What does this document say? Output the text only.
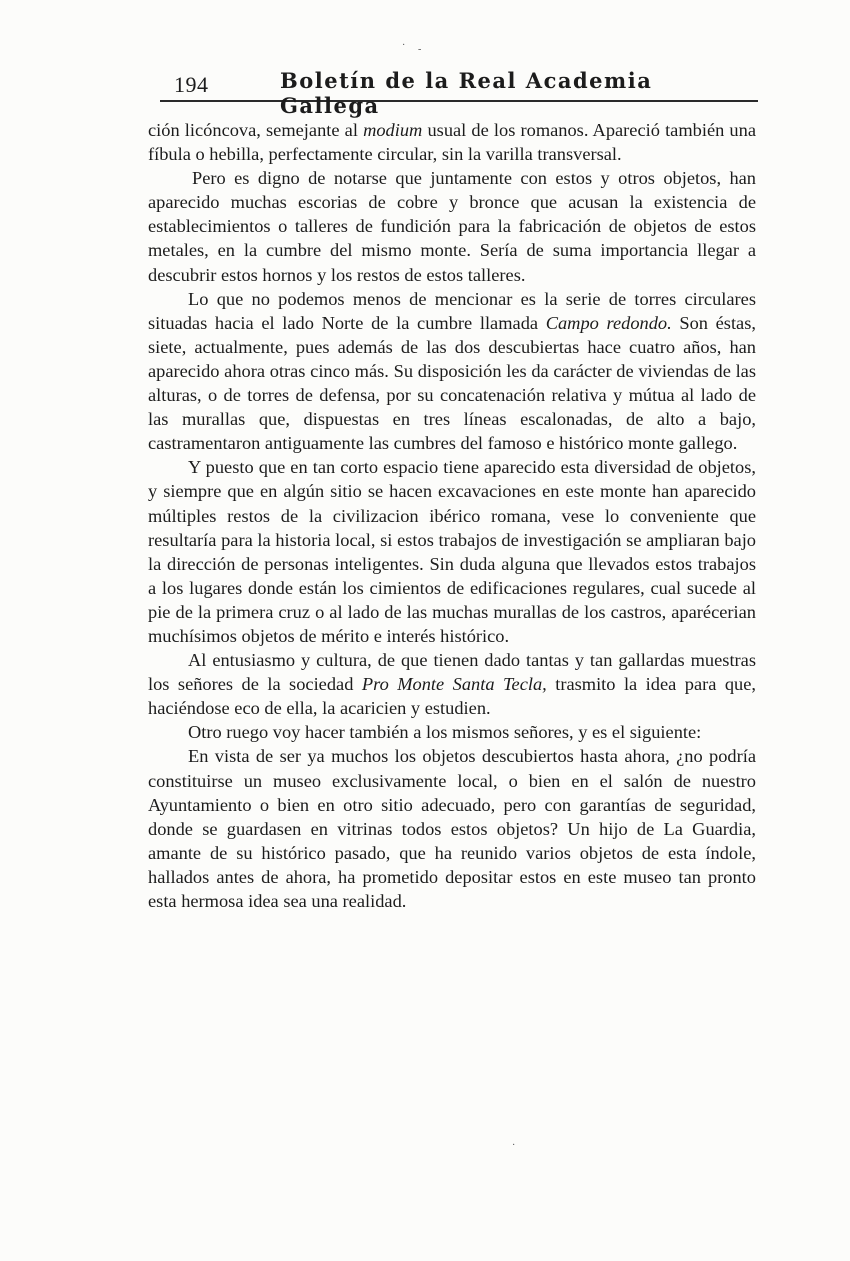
· -
·
194	Boletín de la Real Academia Gallega

ción licóncova, semejante al modium usual de los romanos. Apareció también una fíbula o hebilla, perfectamente circular, sin la varilla transversal.

Pero es digno de notarse que juntamente con estos y otros objetos, han aparecido muchas escorias de cobre y bronce que acusan la existencia de establecimientos o talleres de fundición para la fabricación de objetos de estos metales, en la cumbre del mismo monte. Sería de suma importancia llegar a descubrir estos hornos y los restos de estos talleres.

Lo que no podemos menos de mencionar es la serie de torres circulares situadas hacia el lado Norte de la cumbre llamada Campo redondo. Son éstas, siete, actualmente, pues además de las dos descubiertas hace cuatro años, han aparecido ahora otras cinco más. Su disposición les da carácter de viviendas de las alturas, o de torres de defensa, por su concatenación relativa y mútua al lado de las murallas que, dispuestas en tres líneas escalonadas, de alto a bajo, castramentaron antiguamente las cumbres del famoso e histórico monte gallego.

Y puesto que en tan corto espacio tiene aparecido esta diversidad de objetos, y siempre que en algún sitio se hacen excavaciones en este monte han aparecido múltiples restos de la civilizacion ibérico romana, vese lo conveniente que resultaría para la historia local, si estos trabajos de investigación se ampliaran bajo la dirección de personas inteligentes. Sin duda alguna que llevados estos trabajos a los lugares donde están los cimientos de edificaciones regulares, cual sucede al pie de la primera cruz o al lado de las muchas murallas de los castros, aparécerian muchísimos objetos de mérito e interés histórico.

Al entusiasmo y cultura, de que tienen dado tantas y tan gallardas muestras los señores de la sociedad Pro Monte Santa Tecla, trasmito la idea para que, haciéndose eco de ella, la acaricien y estudien.

Otro ruego voy hacer también a los mismos señores, y es el siguiente:

En vista de ser ya muchos los objetos descubiertos hasta ahora, ¿no podría constituirse un museo exclusivamente local, o bien en el salón de nuestro Ayuntamiento o bien en otro sitio adecuado, pero con garantías de seguridad, donde se guardasen en vitrinas todos estos objetos? Un hijo de La Guardia, amante de su histórico pasado, que ha reunido varios objetos de esta índole, hallados antes de ahora, ha prometido depositar estos en este museo tan pronto esta hermosa idea sea una realidad.
